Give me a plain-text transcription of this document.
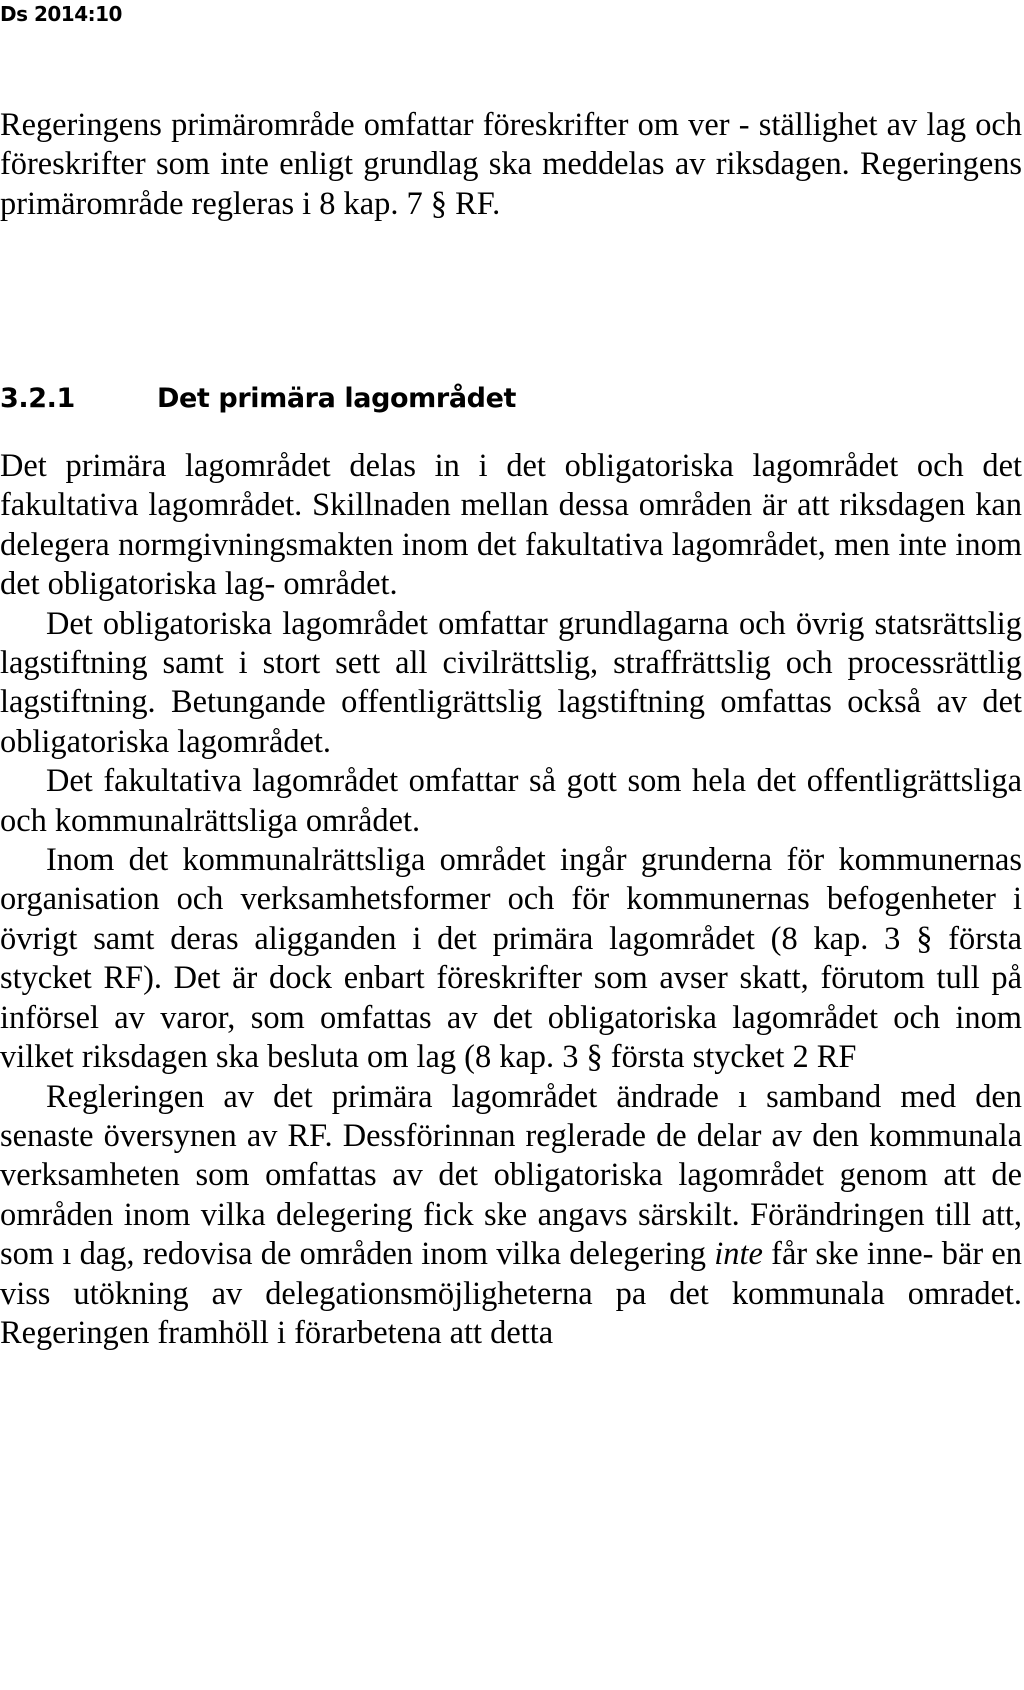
Ds 2014:10

Regeringens primärområde omfattar föreskrifter om ver - ställighet av lag och föreskrifter som inte enligt grundlag ska meddelas av riksdagen. Regeringens primärområde regleras i 8 kap. 7 § RF.

3.2.1	Det primära lagområdet

Det primära lagområdet delas in i det obligatoriska lagområdet och det fakultativa lagområdet. Skillnaden mellan dessa områden är att riksdagen kan delegera normgivningsmakten inom det fakultativa lagområdet, men inte inom det obligatoriska lag- området.

Det obligatoriska lagområdet omfattar grundlagarna och övrig statsrättslig lagstiftning samt i stort sett all civilrättslig, straffrättslig och processrättlig lagstiftning. Betungande offentligrättslig lagstiftning omfattas också av det obligatoriska lagområdet.

Det fakultativa lagområdet omfattar så gott som hela det offentligrättsliga och kommunalrättsliga området.

Inom det kommunalrättsliga området ingår grunderna för kommunernas organisation och verksamhetsformer och för kommunernas befogenheter i övrigt samt deras aligganden i det primära lagområdet (8 kap. 3 § första stycket RF). Det är dock enbart föreskrifter som avser skatt, förutom tull på införsel av varor, som omfattas av det obligatoriska lagområdet och inom vilket riksdagen ska besluta om lag (8 kap. 3 § första stycket 2 RF

Regleringen av det primära lagområdet ändrade ı samband med den senaste översynen av RF. Dessförinnan reglerade de delar av den kommunala verksamheten som omfattas av det obligatoriska lagområdet genom att de områden inom vilka delegering fick ske angavs särskilt. Förändringen till att, som ı dag, redovisa de områden inom vilka delegering inte får ske inne- bär en viss utökning av delegationsmöjligheterna pa det kommunala omradet. Regeringen framhöll i förarbetena att detta
